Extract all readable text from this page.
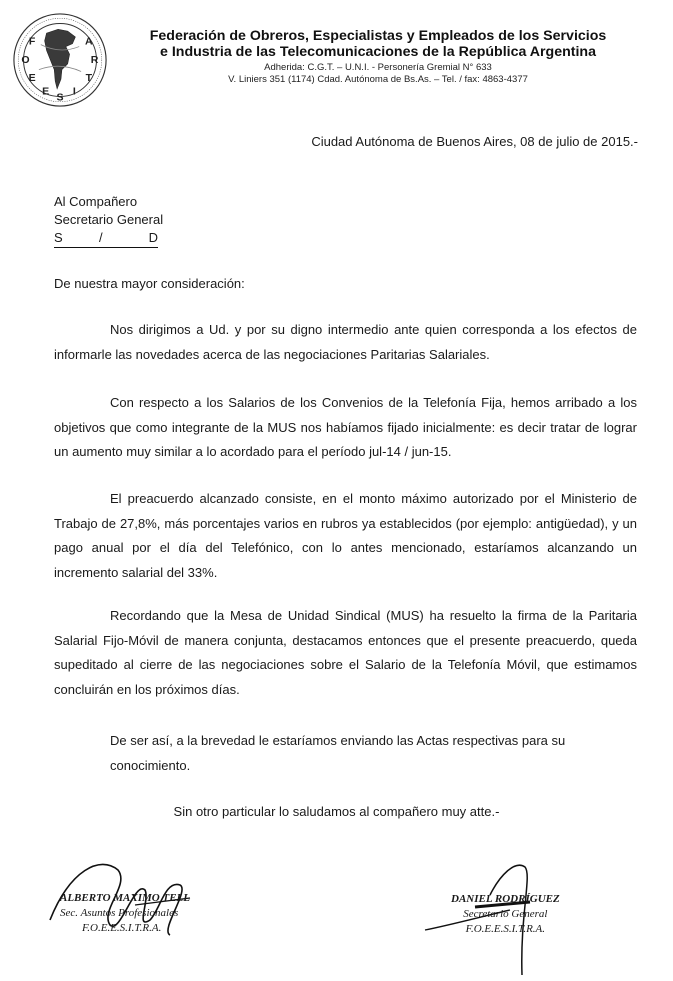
F
O
E
E S I
T
R
A	Federación de Obreros, Especialistas y Empleados de los Servicios
e Industria de las Telecomunicaciones de la República Argentina
Adherida: C.G.T. – U.N.I. - Personería Gremial N° 633
V. Liniers 351 (1174) Cdad. Autónoma de Bs.As. – Tel. / fax: 4863-4377
Ciudad Autónoma de Buenos Aires, 08 de julio de 2015.-
Al Compañero
Secretario General
S	/	D
De nuestra mayor consideración:

Nos dirigimos a Ud. y por su digno intermedio ante quien corresponda a los efectos de informarle las novedades acerca de las negociaciones Paritarias Salariales.

Con respecto a los Salarios de los Convenios de la Telefonía Fija, hemos arribado a los objetivos que como integrante de la MUS nos habíamos fijado inicialmente: es decir tratar de lograr un aumento muy similar a lo acordado para el período jul-14 / jun-15.

El preacuerdo alcanzado consiste, en el monto máximo autorizado por el Ministerio de Trabajo de 27,8%, más porcentajes varios en rubros ya establecidos (por ejemplo: antigüedad), y un pago anual por el día del Telefónico, con lo antes mencionado, estaríamos alcanzando un incremento salarial del 33%.

Recordando que la Mesa de Unidad Sindical (MUS) ha resuelto la firma de la Paritaria Salarial Fijo-Móvil de manera conjunta, destacamos entonces que el presente preacuerdo, queda supeditado al cierre de las negociaciones sobre el Salario de la Telefonía Móvil, que estimamos concluirán en los próximos días.

De ser así, a la brevedad le estaríamos enviando las Actas respectivas para su conocimiento.

Sin otro particular lo saludamos al compañero muy atte.-
ALBERTO MAXIMO TELL
Sec. Asuntos Profesionales
F.O.E.E.S.I.T.R.A.
DANIEL RODRÍGUEZ
Secretario General
F.O.E.E.S.I.T.R.A.
